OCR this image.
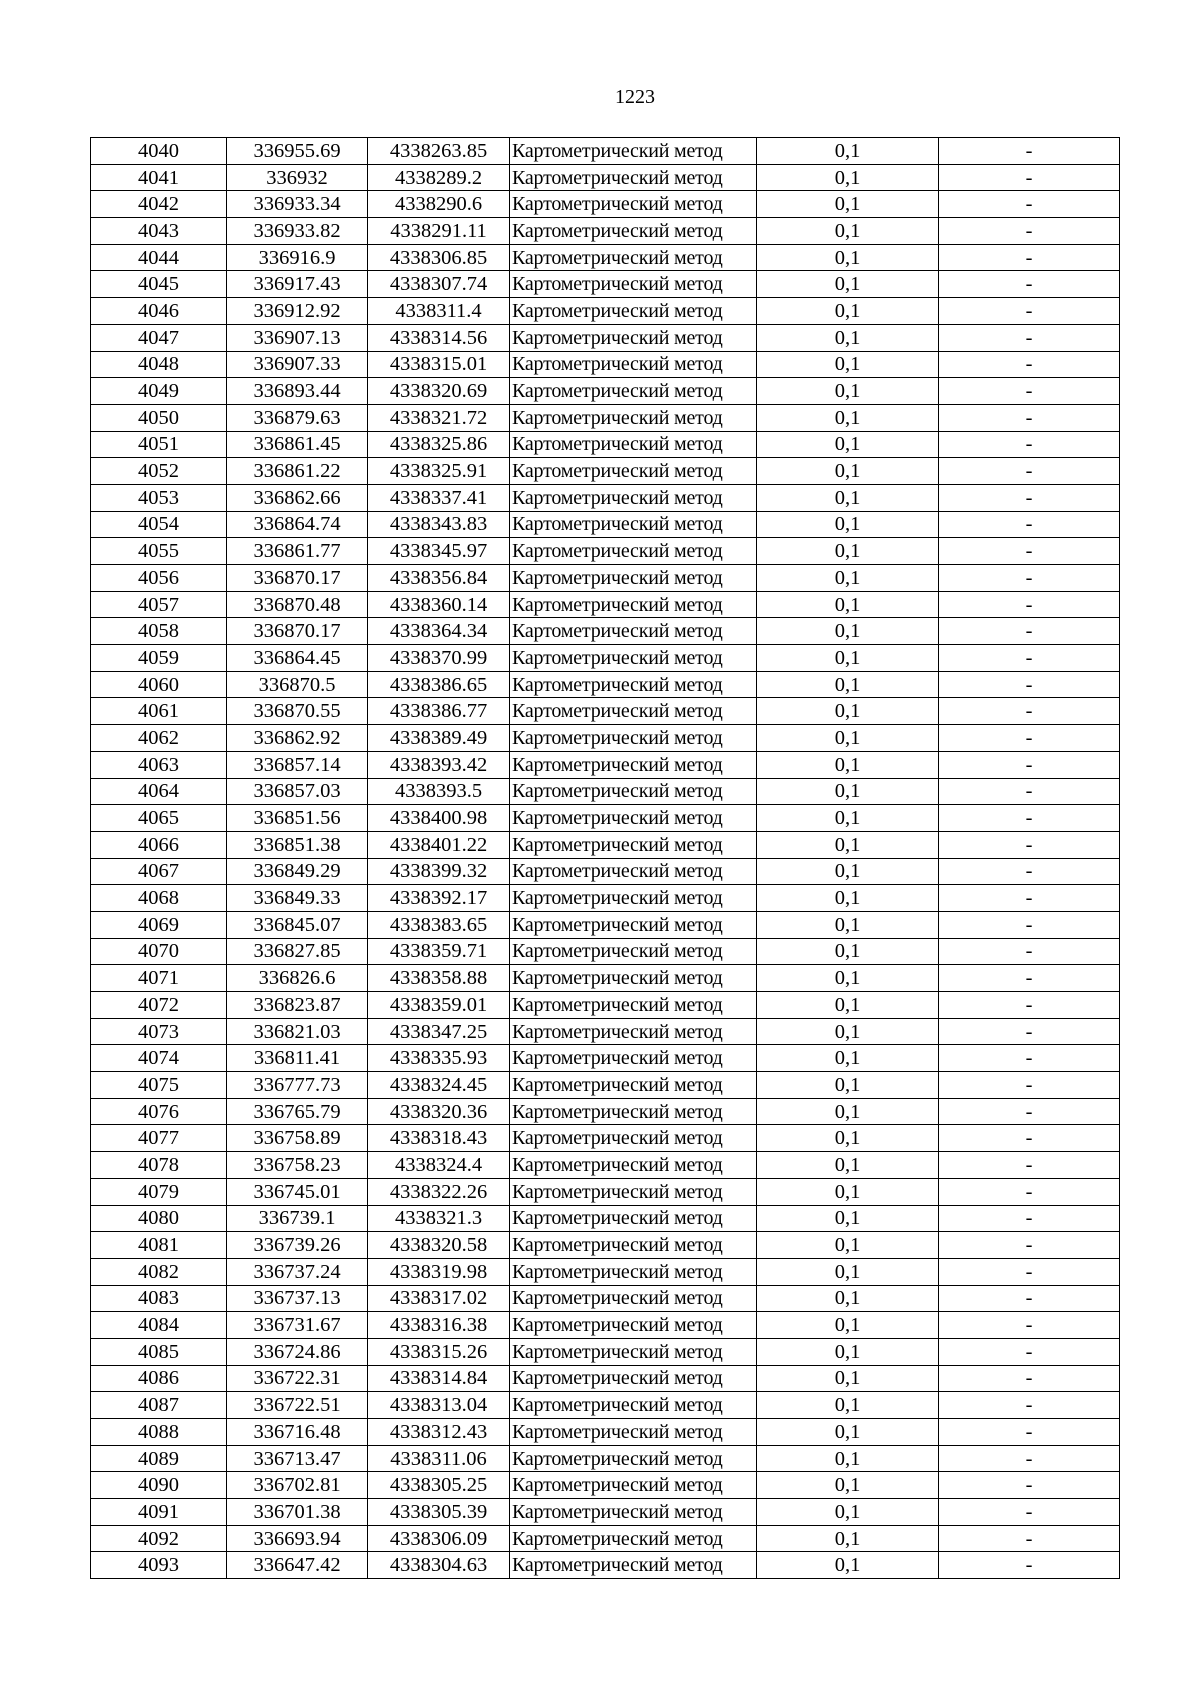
1223
4040	336955.69	4338263.85	Картометрический метод	0,1	-
4041	336932	4338289.2	Картометрический метод	0,1	-
4042	336933.34	4338290.6	Картометрический метод	0,1	-
4043	336933.82	4338291.11	Картометрический метод	0,1	-
4044	336916.9	4338306.85	Картометрический метод	0,1	-
4045	336917.43	4338307.74	Картометрический метод	0,1	-
4046	336912.92	4338311.4	Картометрический метод	0,1	-
4047	336907.13	4338314.56	Картометрический метод	0,1	-
4048	336907.33	4338315.01	Картометрический метод	0,1	-
4049	336893.44	4338320.69	Картометрический метод	0,1	-
4050	336879.63	4338321.72	Картометрический метод	0,1	-
4051	336861.45	4338325.86	Картометрический метод	0,1	-
4052	336861.22	4338325.91	Картометрический метод	0,1	-
4053	336862.66	4338337.41	Картометрический метод	0,1	-
4054	336864.74	4338343.83	Картометрический метод	0,1	-
4055	336861.77	4338345.97	Картометрический метод	0,1	-
4056	336870.17	4338356.84	Картометрический метод	0,1	-
4057	336870.48	4338360.14	Картометрический метод	0,1	-
4058	336870.17	4338364.34	Картометрический метод	0,1	-
4059	336864.45	4338370.99	Картометрический метод	0,1	-
4060	336870.5	4338386.65	Картометрический метод	0,1	-
4061	336870.55	4338386.77	Картометрический метод	0,1	-
4062	336862.92	4338389.49	Картометрический метод	0,1	-
4063	336857.14	4338393.42	Картометрический метод	0,1	-
4064	336857.03	4338393.5	Картометрический метод	0,1	-
4065	336851.56	4338400.98	Картометрический метод	0,1	-
4066	336851.38	4338401.22	Картометрический метод	0,1	-
4067	336849.29	4338399.32	Картометрический метод	0,1	-
4068	336849.33	4338392.17	Картометрический метод	0,1	-
4069	336845.07	4338383.65	Картометрический метод	0,1	-
4070	336827.85	4338359.71	Картометрический метод	0,1	-
4071	336826.6	4338358.88	Картометрический метод	0,1	-
4072	336823.87	4338359.01	Картометрический метод	0,1	-
4073	336821.03	4338347.25	Картометрический метод	0,1	-
4074	336811.41	4338335.93	Картометрический метод	0,1	-
4075	336777.73	4338324.45	Картометрический метод	0,1	-
4076	336765.79	4338320.36	Картометрический метод	0,1	-
4077	336758.89	4338318.43	Картометрический метод	0,1	-
4078	336758.23	4338324.4	Картометрический метод	0,1	-
4079	336745.01	4338322.26	Картометрический метод	0,1	-
4080	336739.1	4338321.3	Картометрический метод	0,1	-
4081	336739.26	4338320.58	Картометрический метод	0,1	-
4082	336737.24	4338319.98	Картометрический метод	0,1	-
4083	336737.13	4338317.02	Картометрический метод	0,1	-
4084	336731.67	4338316.38	Картометрический метод	0,1	-
4085	336724.86	4338315.26	Картометрический метод	0,1	-
4086	336722.31	4338314.84	Картометрический метод	0,1	-
4087	336722.51	4338313.04	Картометрический метод	0,1	-
4088	336716.48	4338312.43	Картометрический метод	0,1	-
4089	336713.47	4338311.06	Картометрический метод	0,1	-
4090	336702.81	4338305.25	Картометрический метод	0,1	-
4091	336701.38	4338305.39	Картометрический метод	0,1	-
4092	336693.94	4338306.09	Картометрический метод	0,1	-
4093	336647.42	4338304.63	Картометрический метод	0,1	-
